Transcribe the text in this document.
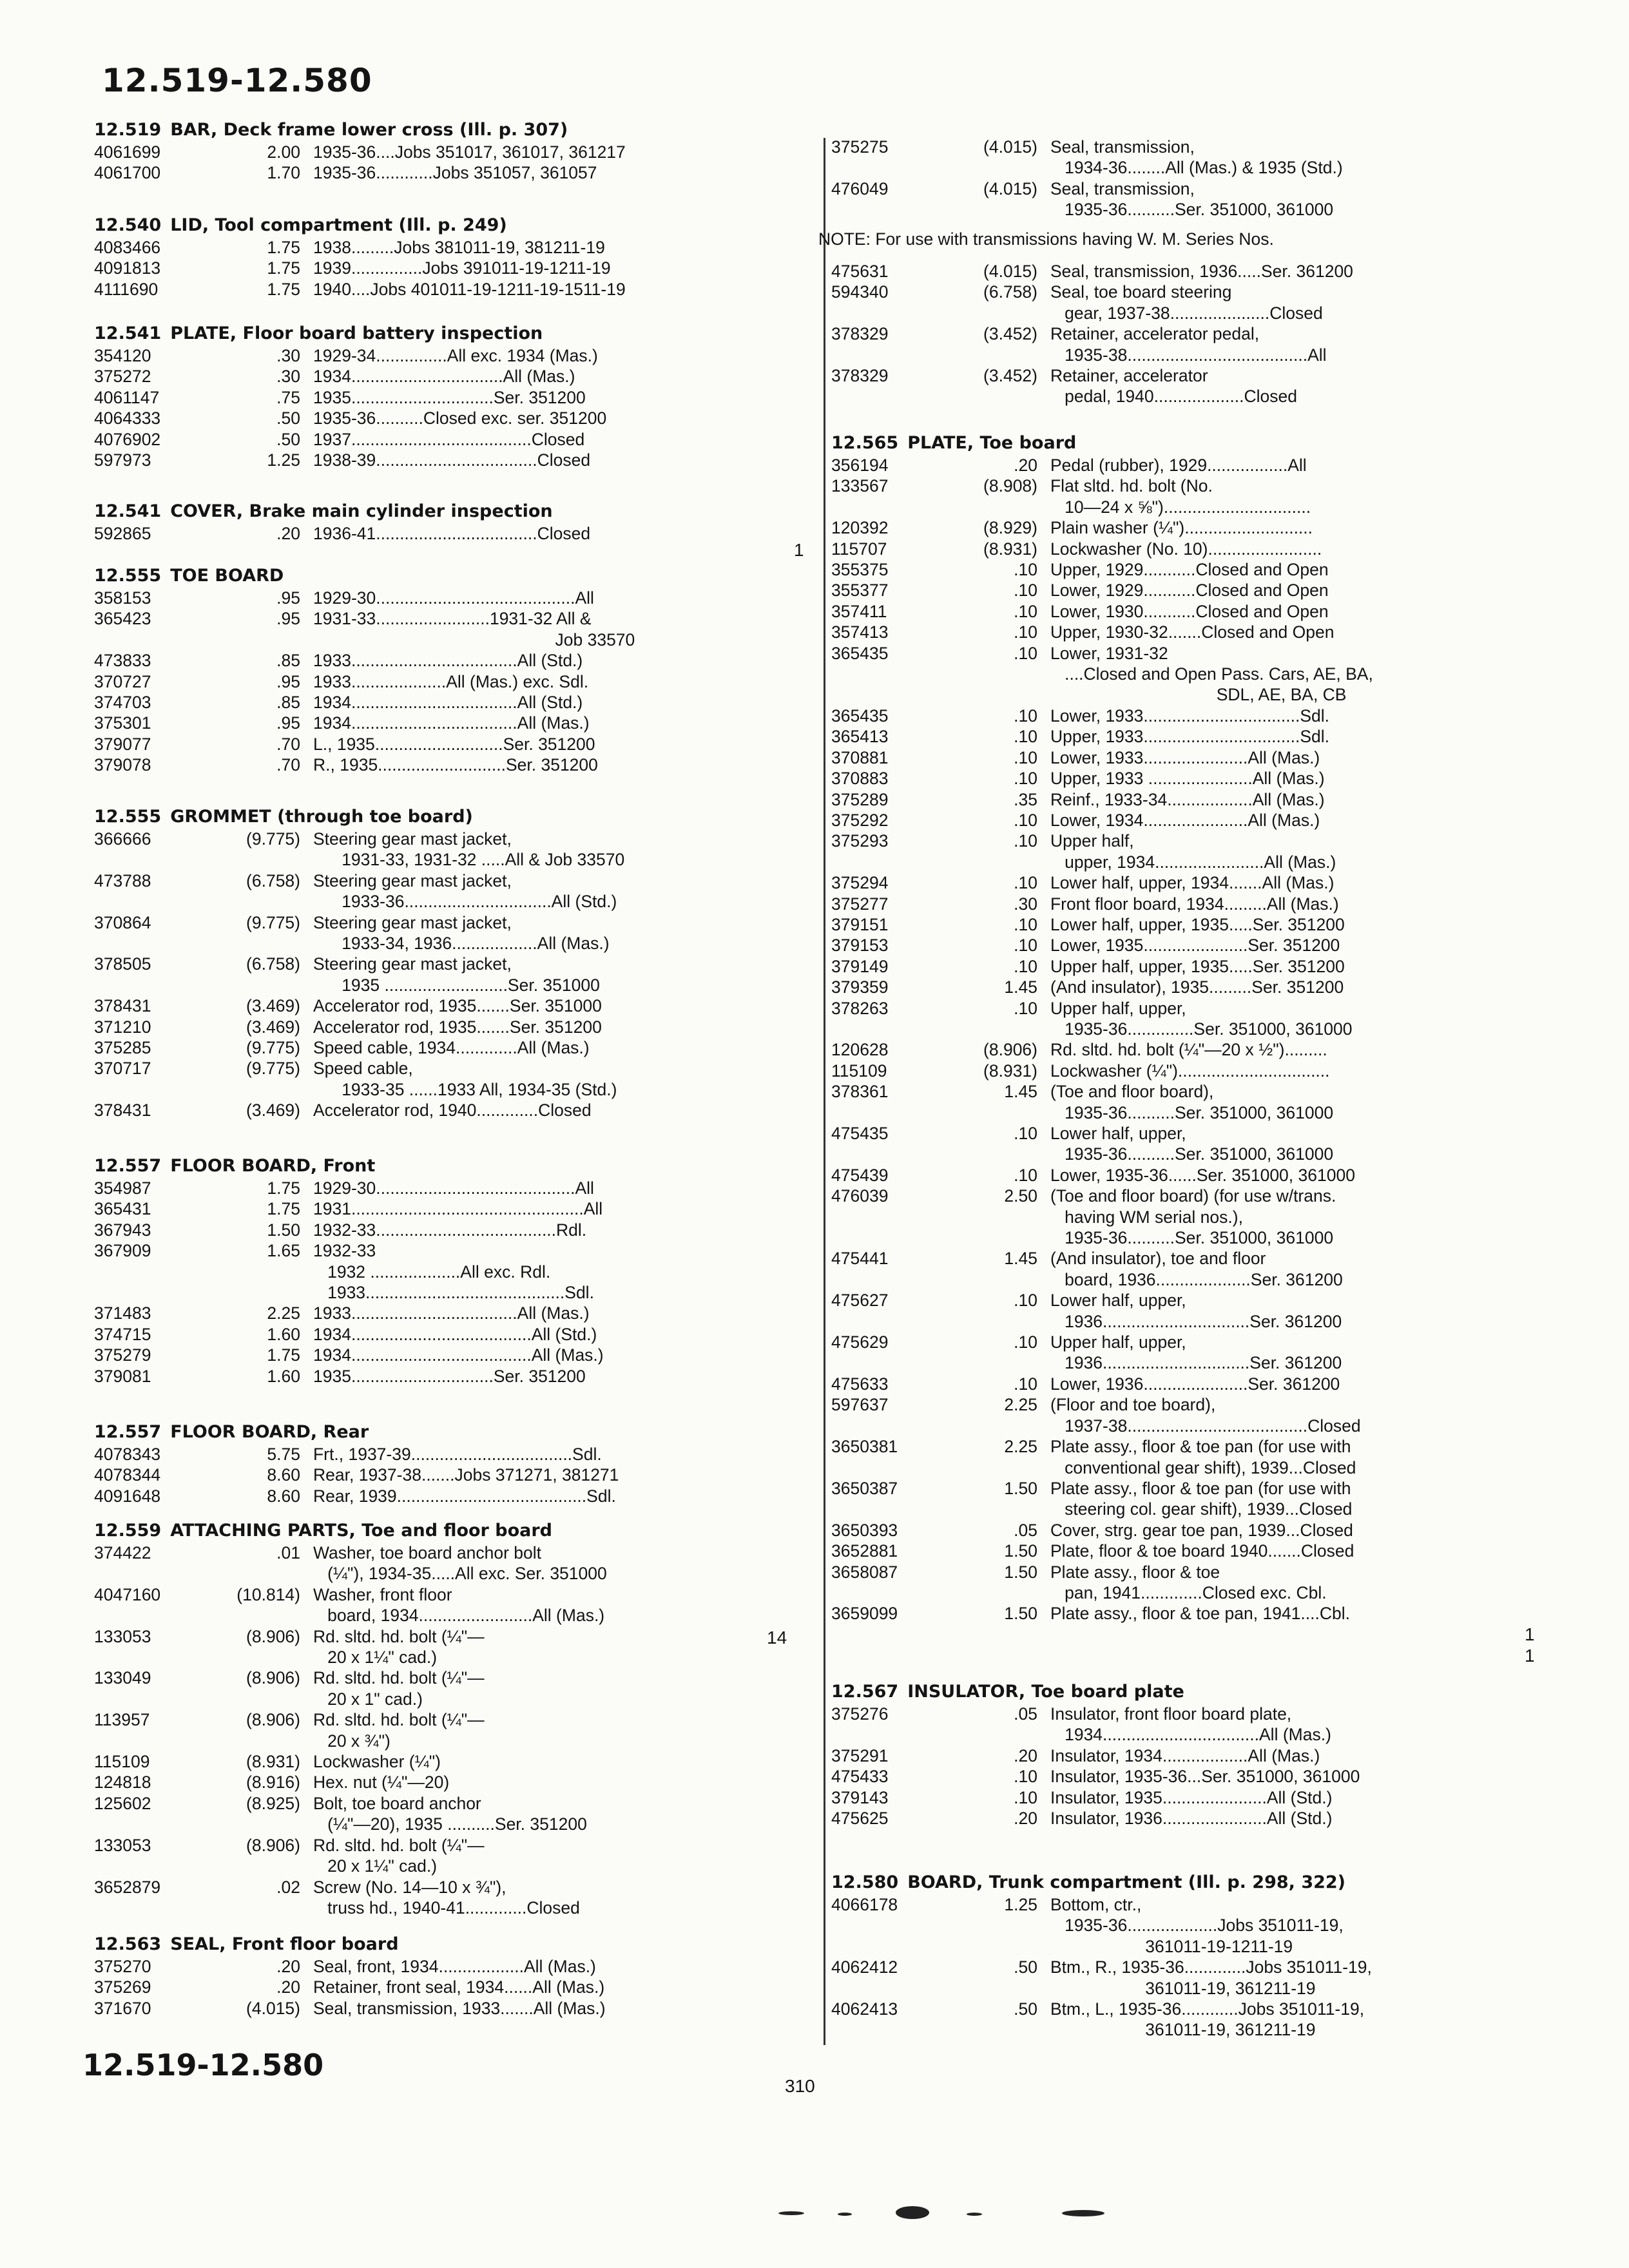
12.519-12.580
12.519 BAR, Deck frame lower cross (Ill. p. 307)
4061699	2.00 1935-36....Jobs 351017, 361017, 361217
4061700	1.70 1935-36............Jobs 351057, 361057
12.540 LID, Tool compartment (Ill. p. 249)
4083466	1.75 1938.........Jobs 381011-19, 381211-19
4091813	1.75 1939...............Jobs 391011-19-1211-19
4111690	1.75 1940....Jobs 401011-19-1211-19-1511-19
12.541 PLATE, Floor board battery inspection
354120	.30 1929-34...............All exc. 1934 (Mas.)
375272	.30 1934................................All (Mas.)
4061147	.75 1935..............................Ser. 351200
4064333	.50 1935-36..........Closed exc. ser. 351200
4076902	.50 1937......................................Closed
597973	1.25 1938-39..................................Closed
12.541 COVER, Brake main cylinder inspection
592865	.20 1936-41..................................Closed
12.555 TOE BOARD
358153	.95 1929-30..........................................All
365423	.95 1931-33........................1931-32 All &
Job 33570
473833	.85 1933...................................All (Std.)
370727	.95 1933....................All (Mas.) exc. Sdl.
374703	.85 1934...................................All (Std.)
375301	.95 1934...................................All (Mas.)
379077	.70 L., 1935...........................Ser. 351200
379078	.70 R., 1935...........................Ser. 351200
12.555 GROMMET (through toe board)
366666	(9.775) Steering gear mast jacket,
1931-33, 1931-32 .....All & Job 33570
473788	(6.758) Steering gear mast jacket,
1933-36...............................All (Std.)
370864	(9.775) Steering gear mast jacket,
1933-34, 1936..................All (Mas.)
378505	(6.758) Steering gear mast jacket,
1935 ..........................Ser. 351000
378431	(3.469) Accelerator rod, 1935.......Ser. 351000
371210	(3.469) Accelerator rod, 1935.......Ser. 351200
375285	(9.775) Speed cable, 1934.............All (Mas.)
370717	(9.775) Speed cable,
1933-35 ......1933 All, 1934-35 (Std.)
378431	(3.469) Accelerator rod, 1940.............Closed
12.557 FLOOR BOARD, Front
354987	1.75 1929-30..........................................All
365431	1.75 1931.................................................All
367943	1.50 1932-33......................................Rdl.
367909	1.65 1932-33
1932 ...................All exc. Rdl.
1933..........................................Sdl.
371483	2.25 1933...................................All (Mas.)
374715	1.60 1934......................................All (Std.)
375279	1.75 1934......................................All (Mas.)
379081	1.60 1935..............................Ser. 351200
12.557 FLOOR BOARD, Rear
4078343	5.75 Frt., 1937-39..................................Sdl.
4078344	8.60 Rear, 1937-38.......Jobs 371271, 381271
4091648	8.60 Rear, 1939........................................Sdl.
12.559 ATTACHING PARTS, Toe and floor board
374422	.01 Washer, toe board anchor bolt
(¼"), 1934-35.....All exc. Ser. 351000
4047160	(10.814) Washer, front floor
board, 1934........................All (Mas.)
133053	(8.906) Rd. sltd. hd. bolt (¼"—
20 x 1¼" cad.)
133049	(8.906) Rd. sltd. hd. bolt (¼"—
20 x 1" cad.)
113957	(8.906) Rd. sltd. hd. bolt (¼"—
20 x ¾")
115109	(8.931) Lockwasher (¼")
124818	(8.916) Hex. nut (¼"—20)
125602	(8.925) Bolt, toe board anchor
(¼"—20), 1935 ..........Ser. 351200
133053	(8.906) Rd. sltd. hd. bolt (¼"—
20 x 1¼" cad.)
3652879	.02 Screw (No. 14—10 x ¾"),
truss hd., 1940-41.............Closed
12.563 SEAL, Front floor board
375270	.20 Seal, front, 1934..................All (Mas.)
375269	.20 Retainer, front seal, 1934......All (Mas.)
371670	(4.015) Seal, transmission, 1933.......All (Mas.)
375275	(4.015) Seal, transmission,
1934-36........All (Mas.) & 1935 (Std.)
476049	(4.015) Seal, transmission,
1935-36..........Ser. 351000, 361000
NOTE: For use with transmissions having W. M. Series Nos.
475631	(4.015) Seal, transmission, 1936.....Ser. 361200
594340	(6.758) Seal, toe board steering
gear, 1937-38.....................Closed
378329	(3.452) Retainer, accelerator pedal,
1935-38......................................All
378329	(3.452) Retainer, accelerator
pedal, 1940...................Closed
12.565 PLATE, Toe board
356194	.20 Pedal (rubber), 1929.................All
133567	(8.908) Flat sltd. hd. bolt (No.
10—24 x ⅝")...............................
120392	(8.929) Plain washer (¼")...........................
115707	(8.931) Lockwasher (No. 10)........................
355375	.10 Upper, 1929...........Closed and Open
355377	.10 Lower, 1929...........Closed and Open
357411	.10 Lower, 1930...........Closed and Open
357413	.10 Upper, 1930-32.......Closed and Open
365435	.10 Lower, 1931-32
....Closed and Open Pass. Cars, AE, BA,
SDL, AE, BA, CB
365435	.10 Lower, 1933.................................Sdl.
365413	.10 Upper, 1933.................................Sdl.
370881	.10 Lower, 1933......................All (Mas.)
370883	.10 Upper, 1933 ......................All (Mas.)
375289	.35 Reinf., 1933-34..................All (Mas.)
375292	.10 Lower, 1934......................All (Mas.)
375293	.10 Upper half,
upper, 1934.......................All (Mas.)
375294	.10 Lower half, upper, 1934.......All (Mas.)
375277	.30 Front floor board, 1934.........All (Mas.)
379151	.10 Lower half, upper, 1935.....Ser. 351200
379153	.10 Lower, 1935......................Ser. 351200
379149	.10 Upper half, upper, 1935.....Ser. 351200
379359	1.45 (And insulator), 1935.........Ser. 351200
378263	.10 Upper half, upper,
1935-36..............Ser. 351000, 361000
120628	(8.906) Rd. sltd. hd. bolt (¼"—20 x ½").........
115109	(8.931) Lockwasher (¼")................................
378361	1.45 (Toe and floor board),
1935-36..........Ser. 351000, 361000
475435	.10 Lower half, upper,
1935-36..........Ser. 351000, 361000
475439	.10 Lower, 1935-36......Ser. 351000, 361000
476039	2.50 (Toe and floor board) (for use w/trans.
having WM serial nos.),
1935-36..........Ser. 351000, 361000
475441	1.45 (And insulator), toe and floor
board, 1936....................Ser. 361200
475627	.10 Lower half, upper,
1936...............................Ser. 361200
475629	.10 Upper half, upper,
1936...............................Ser. 361200
475633	.10 Lower, 1936......................Ser. 361200
597637	2.25 (Floor and toe board),
1937-38......................................Closed
3650381	2.25 Plate assy., floor & toe pan (for use with
conventional gear shift), 1939...Closed
3650387	1.50 Plate assy., floor & toe pan (for use with
steering col. gear shift), 1939...Closed
3650393	.05 Cover, strg. gear toe pan, 1939...Closed
3652881	1.50 Plate, floor & toe board 1940.......Closed
3658087	1.50 Plate assy., floor & toe
pan, 1941.............Closed exc. Cbl.
3659099	1.50 Plate assy., floor & toe pan, 1941....Cbl.
12.567 INSULATOR, Toe board plate
375276	.05 Insulator, front floor board plate,
1934.................................All (Mas.)
375291	.20 Insulator, 1934..................All (Mas.)
475433	.10 Insulator, 1935-36...Ser. 351000, 361000
379143	.10 Insulator, 1935......................All (Std.)
475625	.20 Insulator, 1936......................All (Std.)
12.580 BOARD, Trunk compartment (Ill. p. 298, 322)
4066178	1.25 Bottom, ctr.,
1935-36...................Jobs 351011-19,
361011-19-1211-19
4062412	.50 Btm., R., 1935-36.............Jobs 351011-19,
361011-19, 361211-19
4062413	.50 Btm., L., 1935-36............Jobs 351011-19,
361011-19, 361211-19
1
14	1
1
12.519-12.580
310
